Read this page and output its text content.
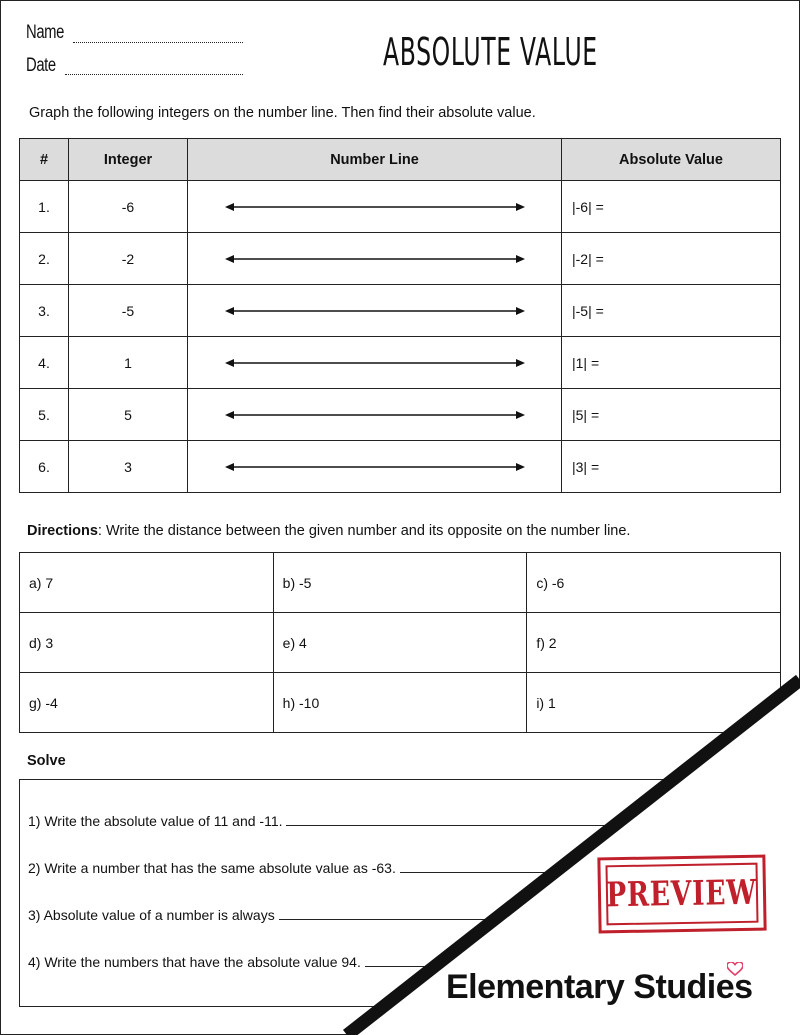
Name
Date	ABSOLUTE VALUE
Graph the following integers on the number line. Then find their absolute value.
#	Integer	Number Line	Absolute Value
1.	-6		|-6| =
2.	-2		|-2| =
3.	-5		|-5| =
4.	1		|1| =
5.	5		|5| =
6.	3		|3| =
Directions: Write the distance between the given number and its opposite on the number line.
a) 7	b) -5	c) -6
d) 3	e) 4	f) 2
g) -4	h) -10	i) 1
Solve
1) Write the absolute value of 11 and -11.
2) Write a number that has the same absolute value as -63.
3) Absolute value of a number is always
4) Write the numbers that have the absolute value 94.
PREVIEW
Elementary Studies
